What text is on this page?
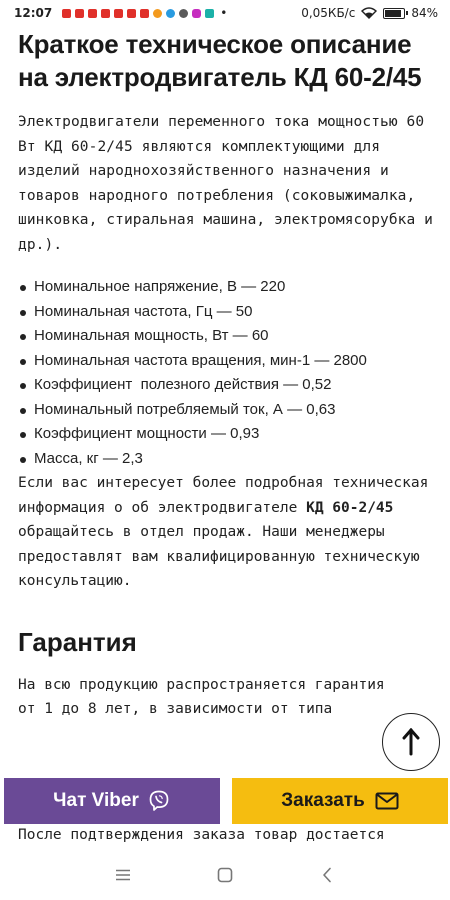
12:07	•	0,05КБ/с	84%
Краткое техническое описание на электродвигатель КД 60-2/45

Электродвигатели переменного тока мощностью 60 Вт КД 60-2/45 являются комплектующими для изделий народнохозяйственного назначения и товаров народного потребления (соковыжималка, шинковка, стиральная машина, электромясорубка и др.).

Номинальное напряжение, В — 220
Номинальная частота, Гц — 50
Номинальная мощность, Вт — 60
Номинальная частота вращения, мин-1 — 2800
Коэффициент  полезного действия — 0,52
Номинальный потребляемый ток, А — 0,63
Коэффициент мощности — 0,93
Масса, кг — 2,3

Если вас интересует более подробная техническая информация о об электродвигателе КД 60-2/45 обращайтесь в отдел продаж. Наши менеджеры предоставлят вам квалифицированную техническую консультацию.

Гарантия

На всю продукцию распространяется гарантия
от 1 до 8 лет, в зависимости от типа

После подтверждения заказа товар достается
Чат Viber	Заказать
